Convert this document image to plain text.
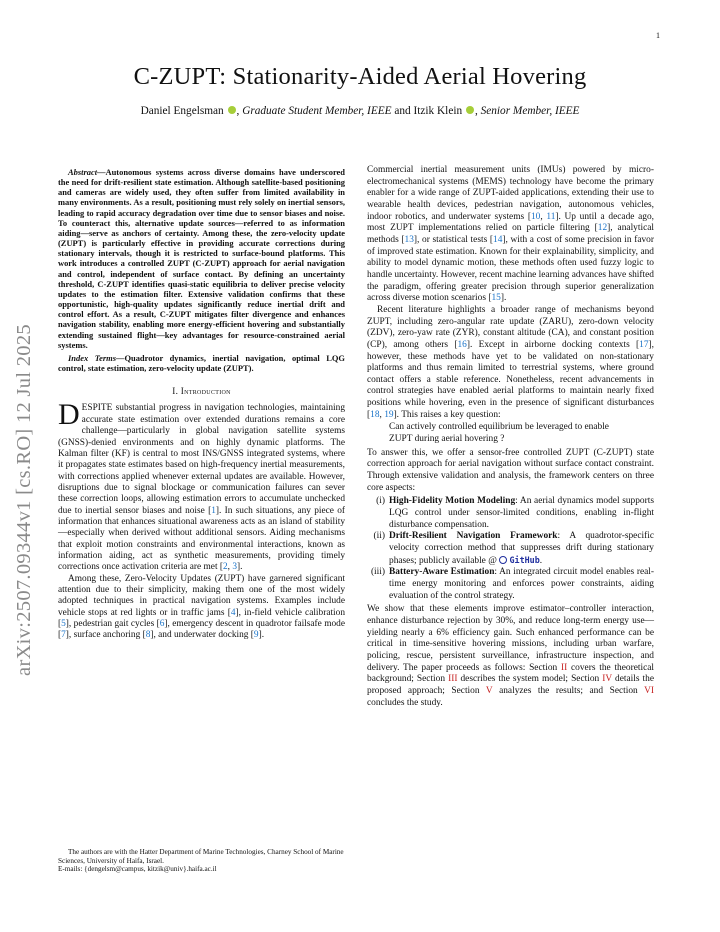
1
arXiv:2507.09344v1 [cs.RO] 12 Jul 2025
C-ZUPT: Stationarity-Aided Aerial Hovering
Daniel Engelsman , Graduate Student Member, IEEE and Itzik Klein , Senior Member, IEEE

Abstract—Autonomous systems across diverse domains have underscored the need for drift-resilient state estimation. Although satellite-based positioning and cameras are widely used, they often suffer from limited availability in many environments. As a result, positioning must rely solely on inertial sensors, leading to rapid accuracy degradation over time due to sensor biases and noise. To counteract this, alternative update sources—referred to as information aiding—serve as anchors of certainty. Among these, the zero-velocity update (ZUPT) is particularly effective in providing accurate corrections during stationary intervals, though it is restricted to surface-bound platforms. This work introduces a controlled ZUPT (C-ZUPT) approach for aerial navigation and control, independent of surface contact. By defining an uncertainty threshold, C-ZUPT identifies quasi-static equilibria to deliver precise velocity updates to the estimation filter. Extensive validation confirms that these opportunistic, high-quality updates significantly reduce inertial drift and control effort. As a result, C-ZUPT mitigates filter divergence and enhances navigation stability, enabling more energy-efficient hovering and substantially extending sustained flight—key advantages for resource-constrained aerial systems.

Index Terms—Quadrotor dynamics, inertial navigation, optimal LQG control, state estimation, zero-velocity update (ZUPT).

I. Introduction

DESPITE substantial progress in navigation technologies, maintaining accurate state estimation over extended durations remains a core challenge—particularly in global navigation satellite systems (GNSS)-denied environments and on highly dynamic platforms. The Kalman filter (KF) is central to most INS/GNSS integrated systems, where it propagates state estimates based on high-frequency inertial measurements, with corrections applied whenever external updates are available. However, disruptions due to signal blockage or communication failures can sever these correction loops, allowing estimation errors to accumulate unchecked due to inertial sensor biases and noise [1]. In such situations, any piece of information that enhances situational awareness acts as an island of stability—especially when derived without additional sensors. Aiding mechanisms that exploit motion constraints and environmental interactions, known as information aiding, act as synthetic measurements, providing timely corrections once activation criteria are met [2, 3].

Among these, Zero-Velocity Updates (ZUPT) have garnered significant attention due to their simplicity, making them one of the most widely adopted techniques in practical navigation systems. Examples include vehicle stops at red lights or in traffic jams [4], in-field vehicle calibration [5], pedestrian gait cycles [6], emergency descent in quadrotor failsafe mode [7], surface anchoring [8], and underwater docking [9].

The authors are with the Hatter Department of Marine Technologies, Charney School of Marine Sciences, University of Haifa, Israel.

E-mails: {dengelsm@campus, kitzik@univ}.haifa.ac.il

Commercial inertial measurement units (IMUs) powered by micro-electromechanical systems (MEMS) technology have become the primary enabler for a wide range of ZUPT-aided applications, extending their use to wearable health devices, pedestrian navigation, autonomous vehicles, indoor robotics, and underwater systems [10, 11]. Up until a decade ago, most ZUPT implementations relied on particle filtering [12], analytical methods [13], or statistical tests [14], with a cost of some precision in favor of improved state estimation. Known for their explainability, simplicity, and ability to model dynamic motion, these methods often used fuzzy logic to handle uncertainty. However, recent machine learning advances have shifted the paradigm, offering greater precision through superior generalization across diverse motion scenarios [15].

Recent literature highlights a broader range of mechanisms beyond ZUPT, including zero-angular rate update (ZARU), zero-down velocity (ZDV), zero-yaw rate (ZYR), constant altitude (CA), and constant position (CP), among others [16]. Except in airborne docking contexts [17], however, these methods have yet to be validated on non-stationary platforms and thus remain limited to terrestrial systems, where ground contact offers a stable reference. Nonetheless, recent advancements in control strategies have enabled aerial platforms to maintain nearly fixed positions while hovering, even in the presence of significant disturbances [18, 19]. This raises a key question:

Can actively controlled equilibrium be leveraged to enable ZUPT during aerial hovering ?

To answer this, we offer a sensor-free controlled ZUPT (C-ZUPT) state correction approach for aerial navigation without surface contact constraint. Through extensive validation and analysis, the framework centers on three core aspects:

(i) High-Fidelity Motion Modeling: An aerial dynamics model supports LQG control under sensor-limited conditions, enabling in-flight disturbance compensation.
(ii) Drift-Resilient Navigation Framework: A quadrotor-specific velocity correction method that suppresses drift during stationary phases; publicly available @  GitHub.
(iii) Battery-Aware Estimation: An integrated circuit model enables real-time energy monitoring and enforces power constraints, aiding evaluation of the control strategy.

We show that these elements improve estimator–controller interaction, enhance disturbance rejection by 30%, and reduce long-term energy use—yielding nearly a 6% efficiency gain. Such enhanced performance can be critical in time-sensitive hovering missions, including urban warfare, policing, rescue, persistent surveillance, infrastructure inspection, and delivery. The paper proceeds as follows: Section II covers the theoretical background; Section III describes the system model; Section IV details the proposed approach; Section V analyzes the results; and Section VI concludes the study.
